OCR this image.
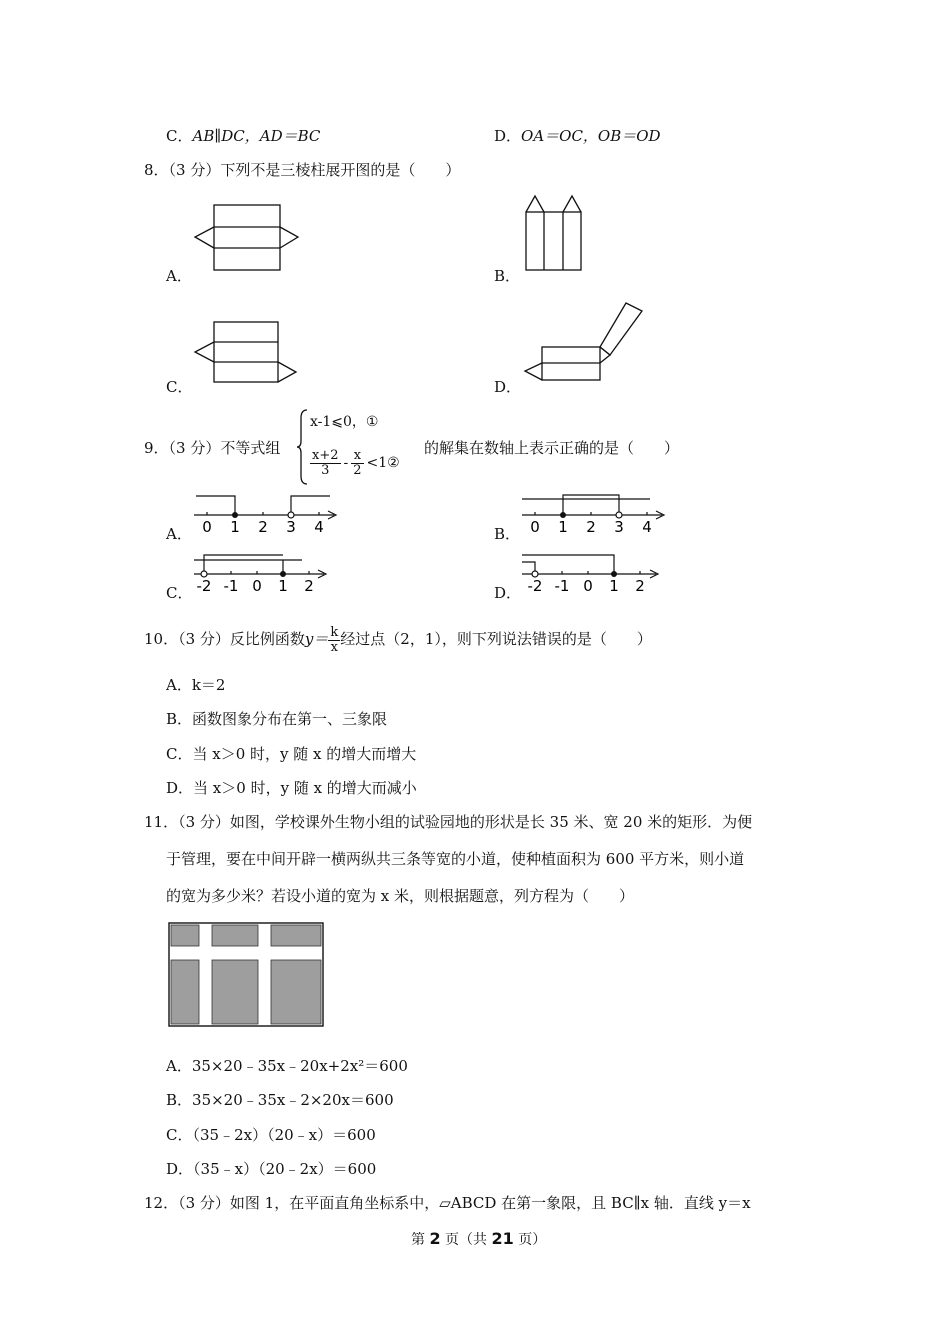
C．AB∥DC，AD＝BC	D．OA＝OC，OB＝OD
8．（3 分）下列不是三棱柱展开图的是（　　）
A．	B．
C．	D．
9．（3 分）不等式组
x-1⩽0，①
$\frac{x+2}{3} - \frac{x}{2}$ <1②
的解集在数轴上表示正确的是（　　）
0 1 2 3 4
A．	0 1 2 3 4
B．
-2 -1 0 1 2
C．	-2 -1 0 1 2
D．
10．（3 分）反比例函数$y= \frac{k}{x}$ 经过点（2，1），则下列说法错误的是（　　）
A．k＝2
B．函数图象分布在第一、三象限
C．当 x＞0 时，y 随 x 的增大而增大
D．当 x＞0 时，y 随 x 的增大而减小
11．（3 分）如图，学校课外生物小组的试验园地的形状是长 35 米、宽 20 米的矩形．为便
于管理，要在中间开辟一横两纵共三条等宽的小道，使种植面积为 600 平方米，则小道
的宽为多少米？若设小道的宽为 x 米，则根据题意，列方程为（　　）
A．35×20﹣35x﹣20x+2x²＝600
B．35×20﹣35x﹣2×20x＝600
C．（35﹣2x）（20﹣x）＝600
D．（35﹣x）（20﹣2x）＝600
12．（3 分）如图 1，在平面直角坐标系中，▱ABCD 在第一象限，且 BC∥x 轴．直线 y＝x
第 2 页（共 21 页）
